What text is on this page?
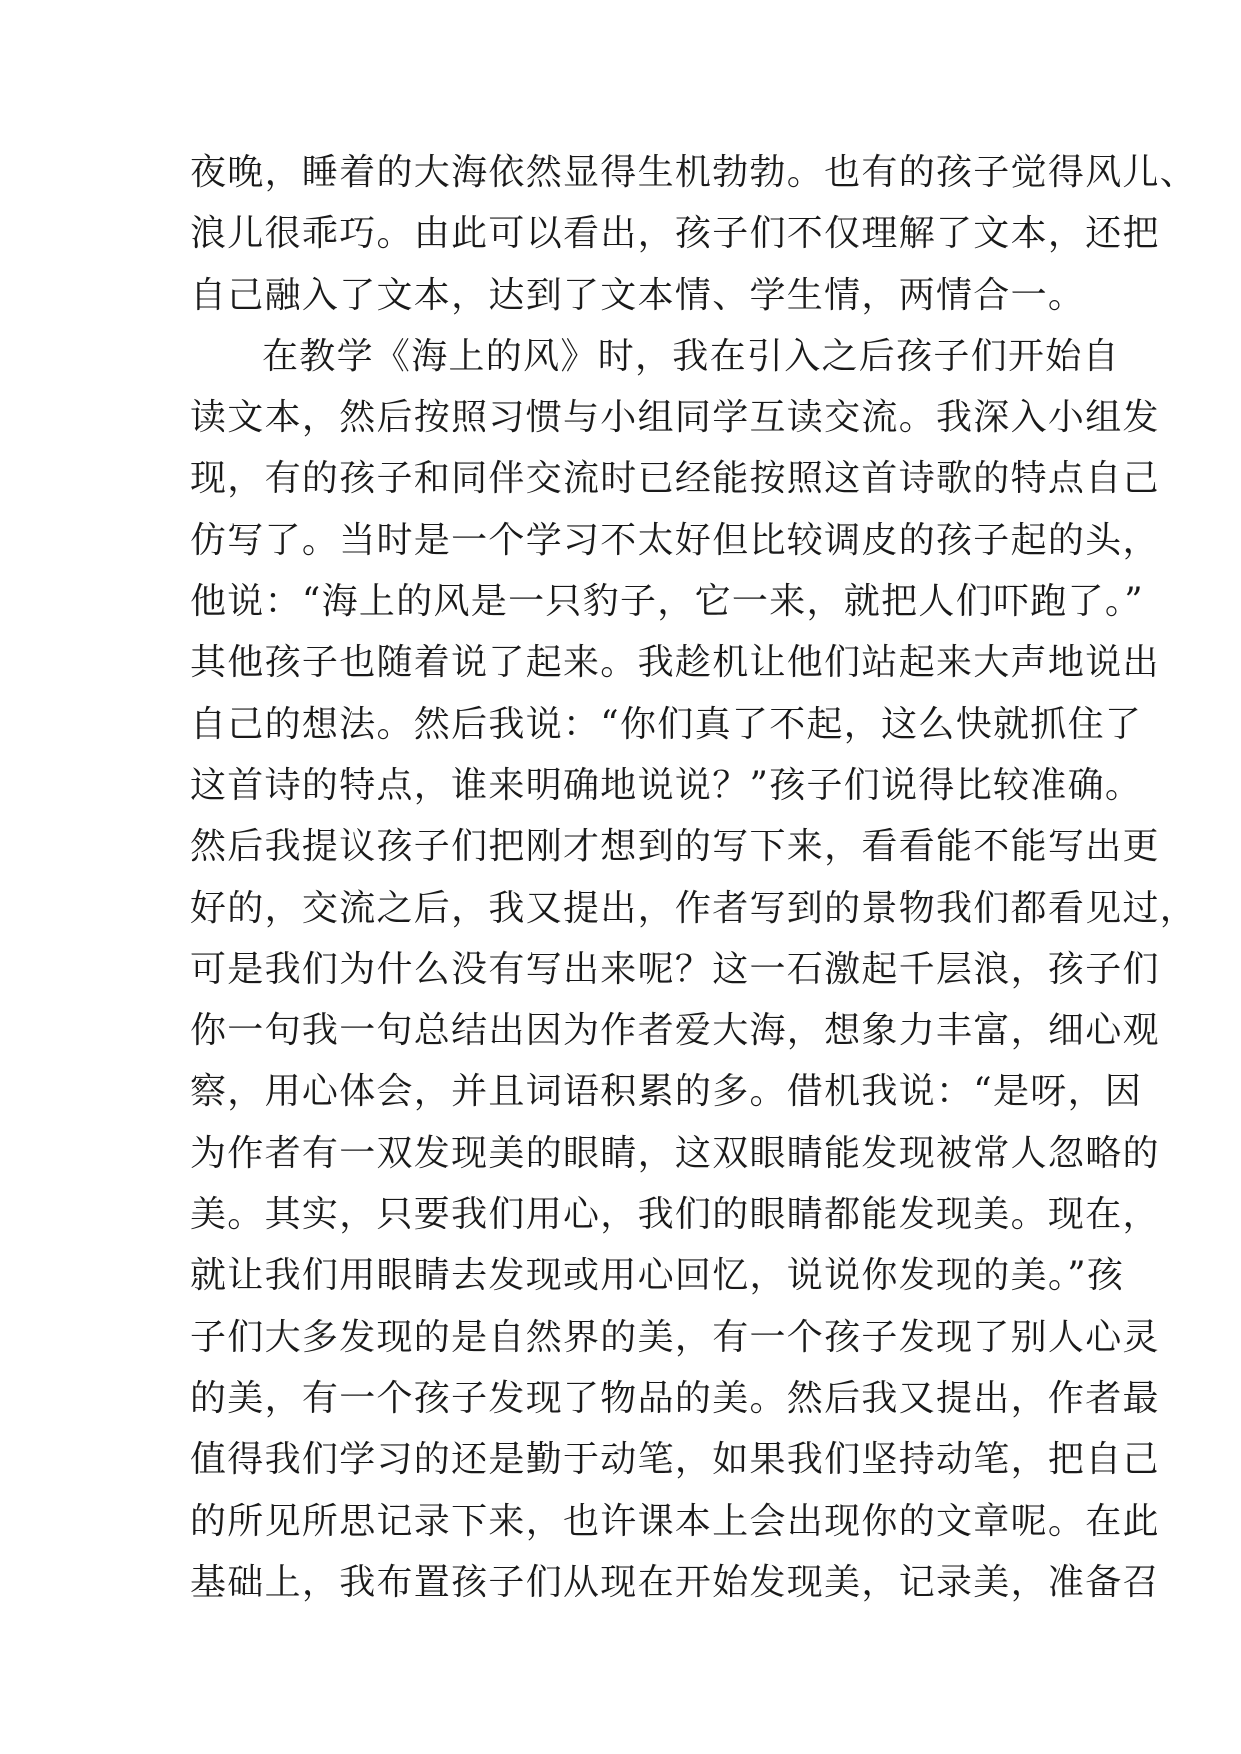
夜晚，睡着的大海依然显得生机勃勃。也有的孩子觉得风儿、
浪儿很乖巧。由此可以看出，孩子们不仅理解了文本，还把
自己融入了文本，达到了文本情、学生情，两情合一。
在教学《海上的风》时，我在引入之后孩子们开始自
读文本，然后按照习惯与小组同学互读交流。我深入小组发
现，有的孩子和同伴交流时已经能按照这首诗歌的特点自己
仿写了。当时是一个学习不太好但比较调皮的孩子起的头，
他说：“海上的风是一只豹子，它一来，就把人们吓跑了。”
其他孩子也随着说了起来。我趁机让他们站起来大声地说出
自己的想法。然后我说：“你们真了不起，这么快就抓住了
这首诗的特点，谁来明确地说说？”孩子们说得比较准确。
然后我提议孩子们把刚才想到的写下来，看看能不能写出更
好的，交流之后，我又提出，作者写到的景物我们都看见过，
可是我们为什么没有写出来呢？这一石激起千层浪，孩子们
你一句我一句总结出因为作者爱大海，想象力丰富，细心观
察，用心体会，并且词语积累的多。借机我说：“是呀，因
为作者有一双发现美的眼睛，这双眼睛能发现被常人忽略的
美。其实，只要我们用心，我们的眼睛都能发现美。现在，
就让我们用眼睛去发现或用心回忆，说说你发现的美。”孩
子们大多发现的是自然界的美，有一个孩子发现了别人心灵
的美，有一个孩子发现了物品的美。然后我又提出，作者最
值得我们学习的还是勤于动笔，如果我们坚持动笔，把自己
的所见所思记录下来，也许课本上会出现你的文章呢。在此
基础上，我布置孩子们从现在开始发现美，记录美，准备召
